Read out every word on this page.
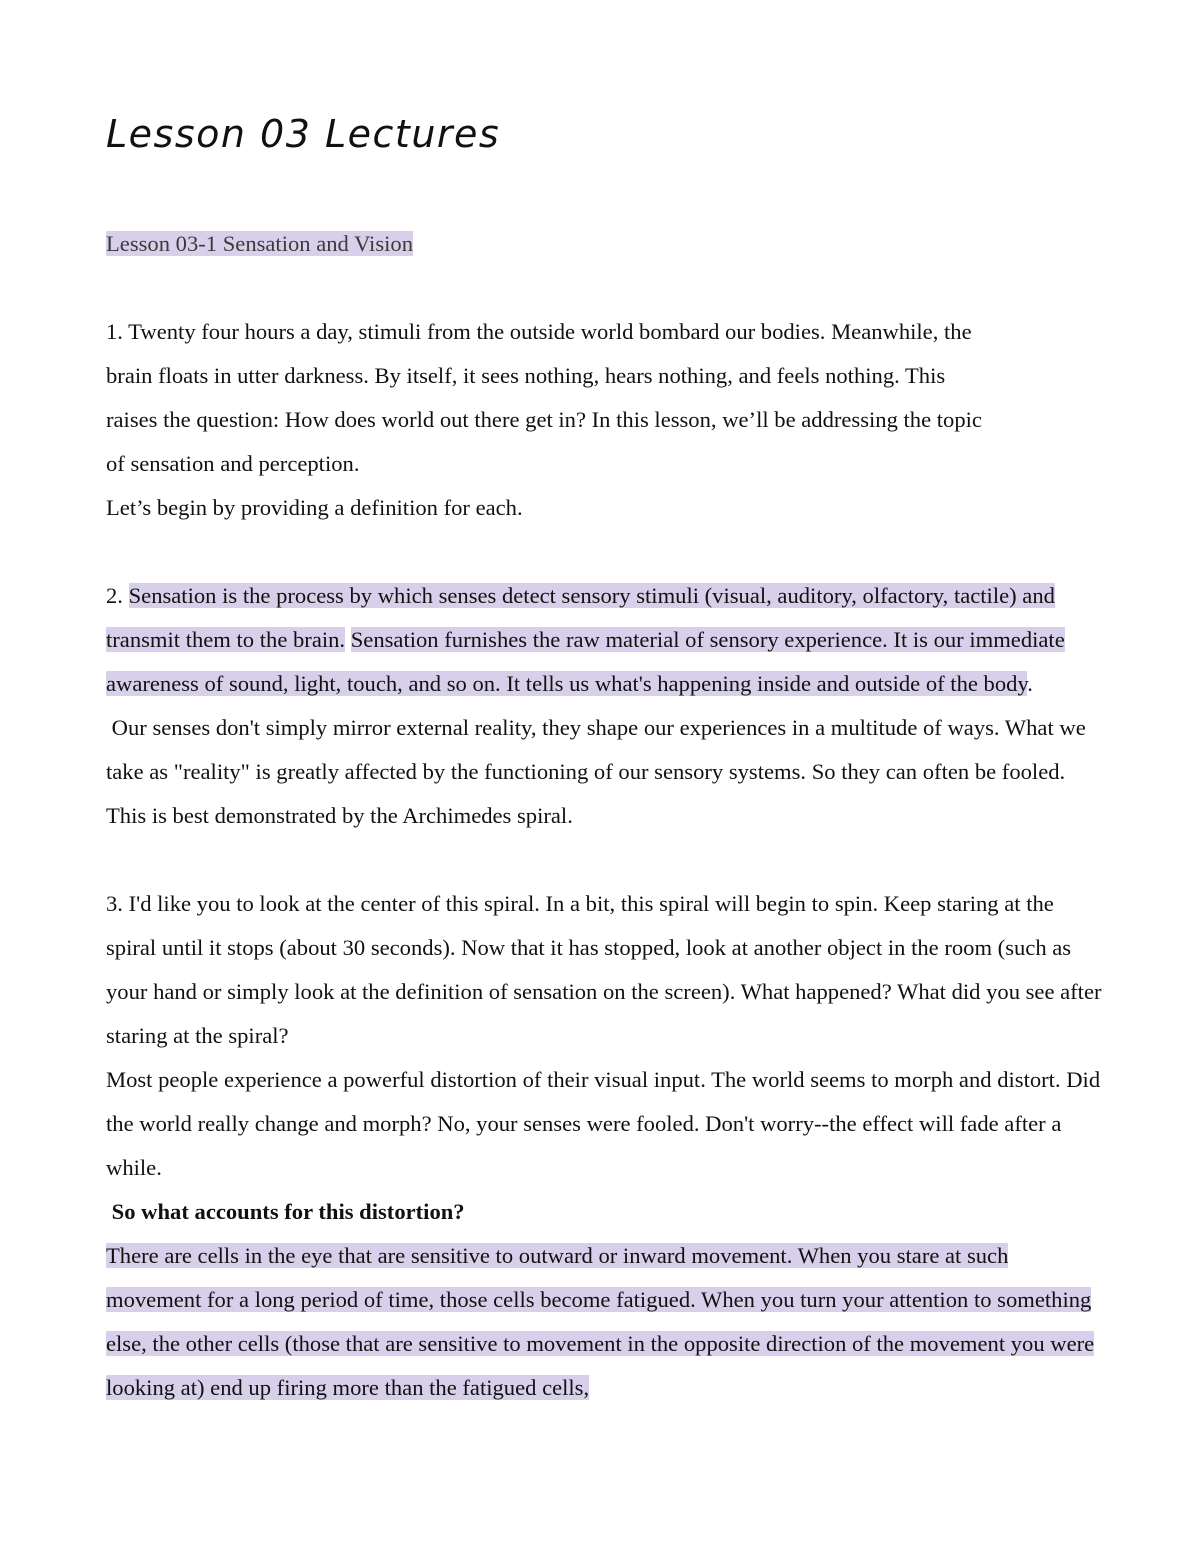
Lesson 03 Lectures
Lesson 03-1 Sensation and Vision

1. Twenty four hours a day, stimuli from the outside world bombard our bodies. Meanwhile, the
brain floats in utter darkness. By itself, it sees nothing, hears nothing, and feels nothing. This
raises the question: How does world out there get in? In this lesson, we’ll be addressing the topic
of sensation and perception.

Let’s begin by providing a definition for each.

2. Sensation is the process by which senses detect sensory stimuli (visual, auditory, olfactory, tactile) and transmit them to the brain. Sensation furnishes the raw material of sensory experience. It is our immediate awareness of sound, light, touch, and so on. It tells us what's happening inside and outside of the body.

Our senses don't simply mirror external reality, they shape our experiences in a multitude of ways. What we take as "reality" is greatly affected by the functioning of our sensory systems. So they can often be fooled. This is best demonstrated by the Archimedes spiral.

3. I'd like you to look at the center of this spiral. In a bit, this spiral will begin to spin. Keep staring at the spiral until it stops (about 30 seconds). Now that it has stopped, look at another object in the room (such as your hand or simply look at the definition of sensation on the screen). What happened? What did you see after staring at the spiral?

Most people experience a powerful distortion of their visual input. The world seems to morph and distort. Did the world really change and morph? No, your senses were fooled. Don't worry--the effect will fade after a while.

So what accounts for this distortion?

There are cells in the eye that are sensitive to outward or inward movement. When you stare at such movement for a long period of time, those cells become fatigued. When you turn your attention to something else, the other cells (those that are sensitive to movement in the opposite direction of the movement you were looking at) end up firing more than the fatigued cells,
